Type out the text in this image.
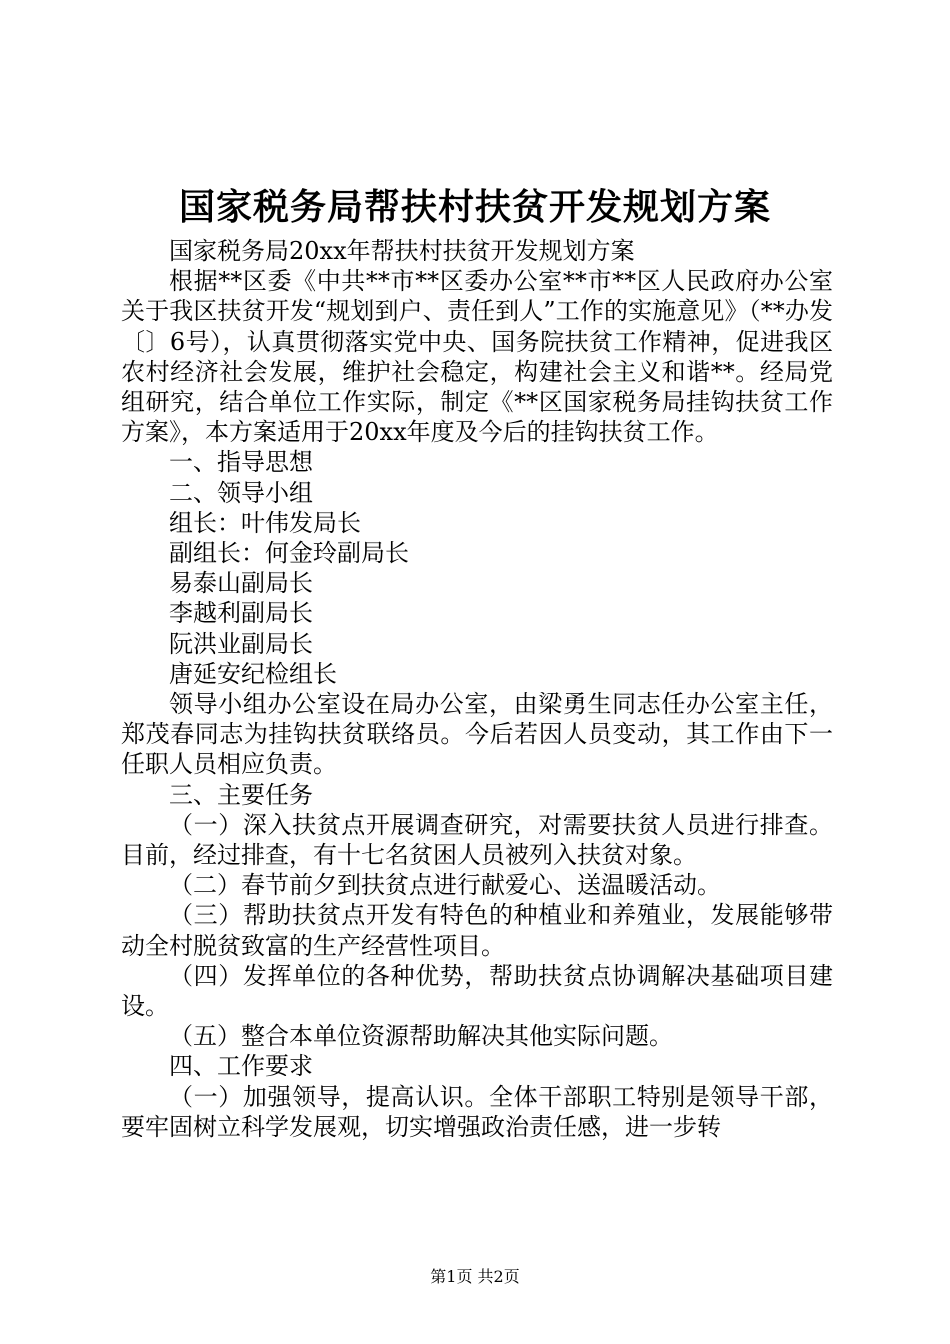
国家税务局帮扶村扶贫开发规划方案

国家税务局20xx年帮扶村扶贫开发规划方案

根据**区委《中共**市**区委办公室**市**区人民政府办公室关于我区扶贫开发“规划到户、责任到人”工作的实施意见》（**办发〔〕6号），认真贯彻落实党中央、国务院扶贫工作精神，促进我区农村经济社会发展，维护社会稳定，构建社会主义和谐**。经局党组研究，结合单位工作实际，制定《**区国家税务局挂钩扶贫工作方案》，本方案适用于20xx年度及今后的挂钩扶贫工作。

一、指导思想

二、领导小组

组长：叶伟发局长

副组长：何金玲副局长

易泰山副局长

李越利副局长

阮洪业副局长

唐延安纪检组长

领导小组办公室设在局办公室，由梁勇生同志任办公室主任，郑茂春同志为挂钩扶贫联络员。今后若因人员变动，其工作由下一任职人员相应负责。

三、主要任务

（一）深入扶贫点开展调查研究，对需要扶贫人员进行排查。目前，经过排查，有十七名贫困人员被列入扶贫对象。

（二）春节前夕到扶贫点进行献爱心、送温暖活动。

（三）帮助扶贫点开发有特色的种植业和养殖业，发展能够带动全村脱贫致富的生产经营性项目。

（四）发挥单位的各种优势，帮助扶贫点协调解决基础项目建设。

（五）整合本单位资源帮助解决其他实际问题。

四、工作要求

（一）加强领导，提高认识。全体干部职工特别是领导干部，要牢固树立科学发展观，切实增强政治责任感，进一步转

第1页 共2页
